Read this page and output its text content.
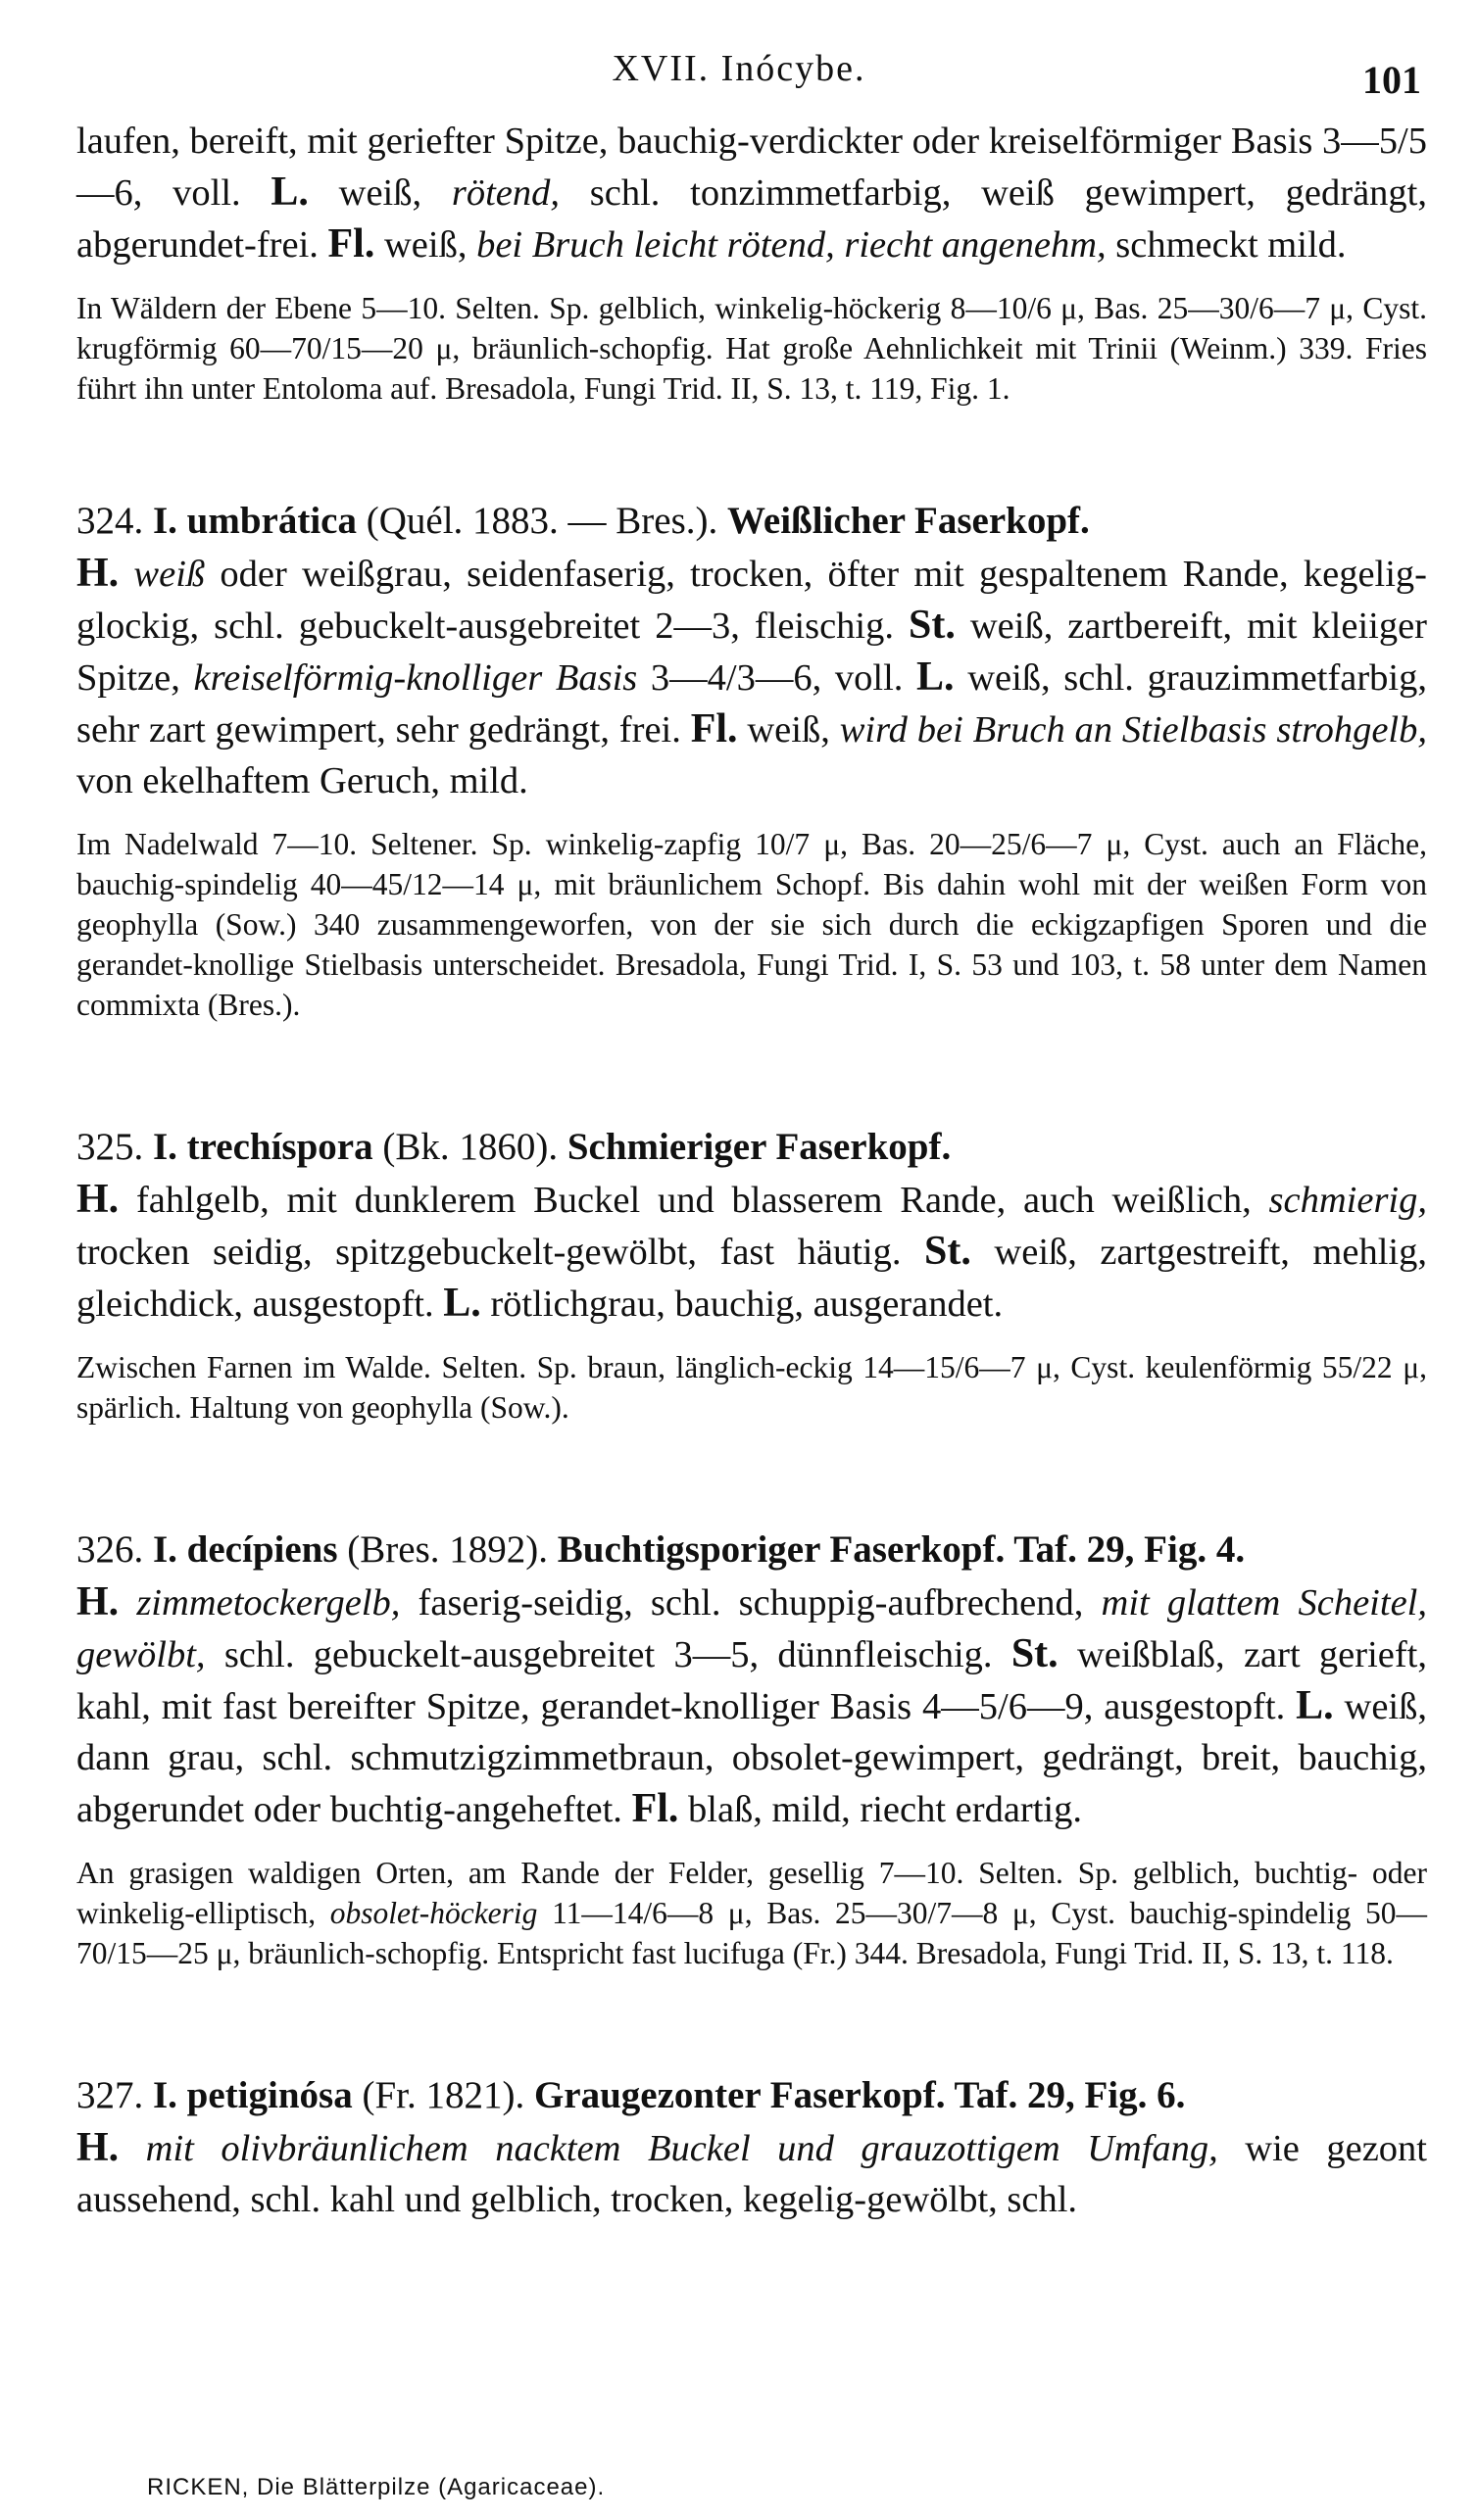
XVII. Inócybe.	101

laufen, bereift, mit geriefter Spitze, bauchig-verdickter oder kreiselförmiger Basis 3—5/5—6, voll. L. weiß, rötend, schl. tonzimmetfarbig, weiß gewimpert, gedrängt, abgerundet-frei. Fl. weiß, bei Bruch leicht rötend, riecht angenehm, schmeckt mild.

In Wäldern der Ebene 5—10. Selten. Sp. gelblich, winkelig-höckerig 8—10/6 μ, Bas. 25—30/6—7 μ, Cyst. krugförmig 60—70/15—20 μ, bräunlich-schopfig. Hat große Aehnlichkeit mit Trinii (Weinm.) 339. Fries führt ihn unter Entoloma auf. Bresadola, Fungi Trid. II, S. 13, t. 119, Fig. 1.

324. I. umbrática (Quél. 1883. — Bres.). Weißlicher Faserkopf.

H. weiß oder weißgrau, seidenfaserig, trocken, öfter mit gespaltenem Rande, kegelig-glockig, schl. gebuckelt-ausgebreitet 2—3, fleischig. St. weiß, zartbereift, mit kleiiger Spitze, kreiselförmig-knolliger Basis 3—4/3—6, voll. L. weiß, schl. grauzimmetfarbig, sehr zart gewimpert, sehr gedrängt, frei. Fl. weiß, wird bei Bruch an Stielbasis strohgelb, von ekelhaftem Geruch, mild.

Im Nadelwald 7—10. Seltener. Sp. winkelig-zapfig 10/7 μ, Bas. 20—25/6—7 μ, Cyst. auch an Fläche, bauchig-spindelig 40—45/12—14 μ, mit bräunlichem Schopf. Bis dahin wohl mit der weißen Form von geophylla (Sow.) 340 zusammengeworfen, von der sie sich durch die eckigzapfigen Sporen und die gerandet-knollige Stielbasis unterscheidet. Bresadola, Fungi Trid. I, S. 53 und 103, t. 58 unter dem Namen commixta (Bres.).

325. I. trechíspora (Bk. 1860). Schmieriger Faserkopf.

H. fahlgelb, mit dunklerem Buckel und blasserem Rande, auch weißlich, schmierig, trocken seidig, spitzgebuckelt-gewölbt, fast häutig. St. weiß, zartgestreift, mehlig, gleichdick, ausgestopft. L. rötlichgrau, bauchig, ausgerandet.

Zwischen Farnen im Walde. Selten. Sp. braun, länglich-eckig 14—15/6—7 μ, Cyst. keulenförmig 55/22 μ, spärlich. Haltung von geophylla (Sow.).

326. I. decípiens (Bres. 1892). Buchtigsporiger Faserkopf. Taf. 29, Fig. 4.

H. zimmetockergelb, faserig-seidig, schl. schuppig-aufbrechend, mit glattem Scheitel, gewölbt, schl. gebuckelt-ausgebreitet 3—5, dünnfleischig. St. weißblaß, zart gerieft, kahl, mit fast bereifter Spitze, gerandet-knolliger Basis 4—5/6—9, ausgestopft. L. weiß, dann grau, schl. schmutzigzimmetbraun, obsolet-gewimpert, gedrängt, breit, bauchig, abgerundet oder buchtig-angeheftet. Fl. blaß, mild, riecht erdartig.

An grasigen waldigen Orten, am Rande der Felder, gesellig 7—10. Selten. Sp. gelblich, buchtig- oder winkelig-elliptisch, obsolet-höckerig 11—14/6—8 μ, Bas. 25—30/7—8 μ, Cyst. bauchig-spindelig 50—70/15—25 μ, bräunlich-schopfig. Entspricht fast lucifuga (Fr.) 344. Bresadola, Fungi Trid. II, S. 13, t. 118.

327. I. petiginósa (Fr. 1821). Graugezonter Faserkopf. Taf. 29, Fig. 6.

H. mit olivbräunlichem nacktem Buckel und grauzottigem Umfang, wie gezont aussehend, schl. kahl und gelblich, trocken, kegelig-gewölbt, schl.

RICKEN, Die Blätterpilze (Agaricaceae).
